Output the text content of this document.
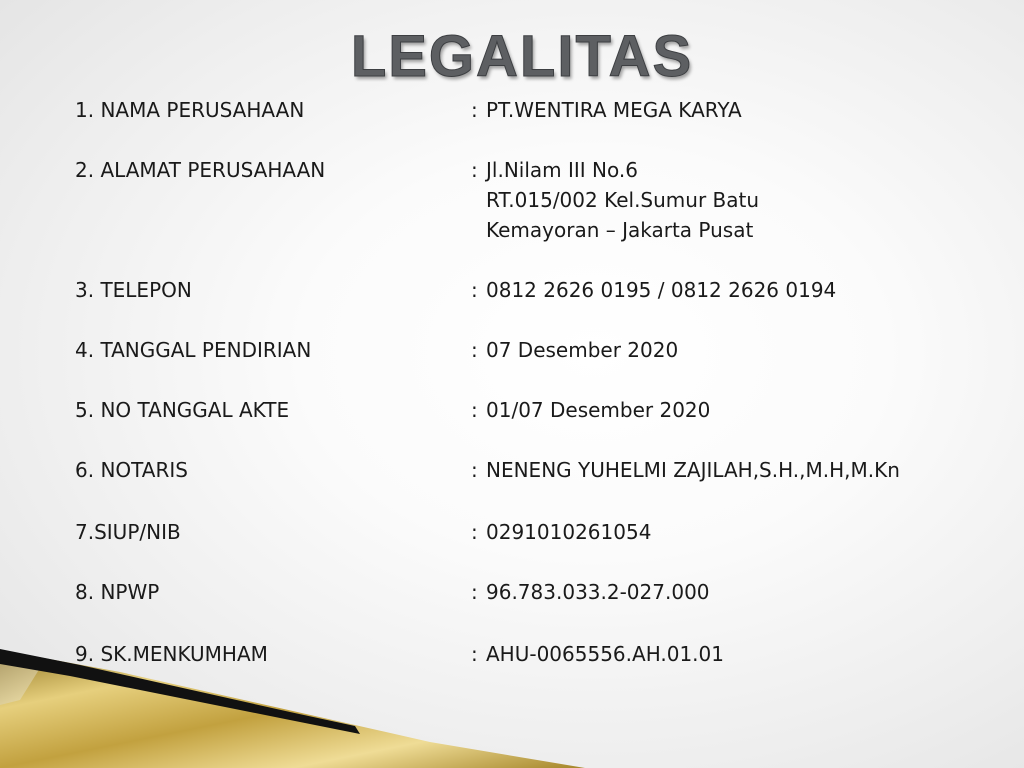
LEGALITAS
1. NAMA PERUSAHAAN	: PT.WENTIRA MEGA KARYA
2. ALAMAT PERUSAHAAN	: Jl.Nilam III No.6
RT.015/002 Kel.Sumur Batu
Kemayoran – Jakarta Pusat
3. TELEPON	: 0812 2626 0195 / 0812 2626 0194
4. TANGGAL PENDIRIAN	: 07 Desember 2020
5. NO TANGGAL AKTE	: 01/07 Desember 2020
6. NOTARIS	: NENENG YUHELMI ZAJILAH,S.H.,M.H,M.Kn
7.SIUP/NIB	: 0291010261054
8. NPWP	: 96.783.033.2-027.000
9. SK.MENKUMHAM	: AHU-0065556.AH.01.01
